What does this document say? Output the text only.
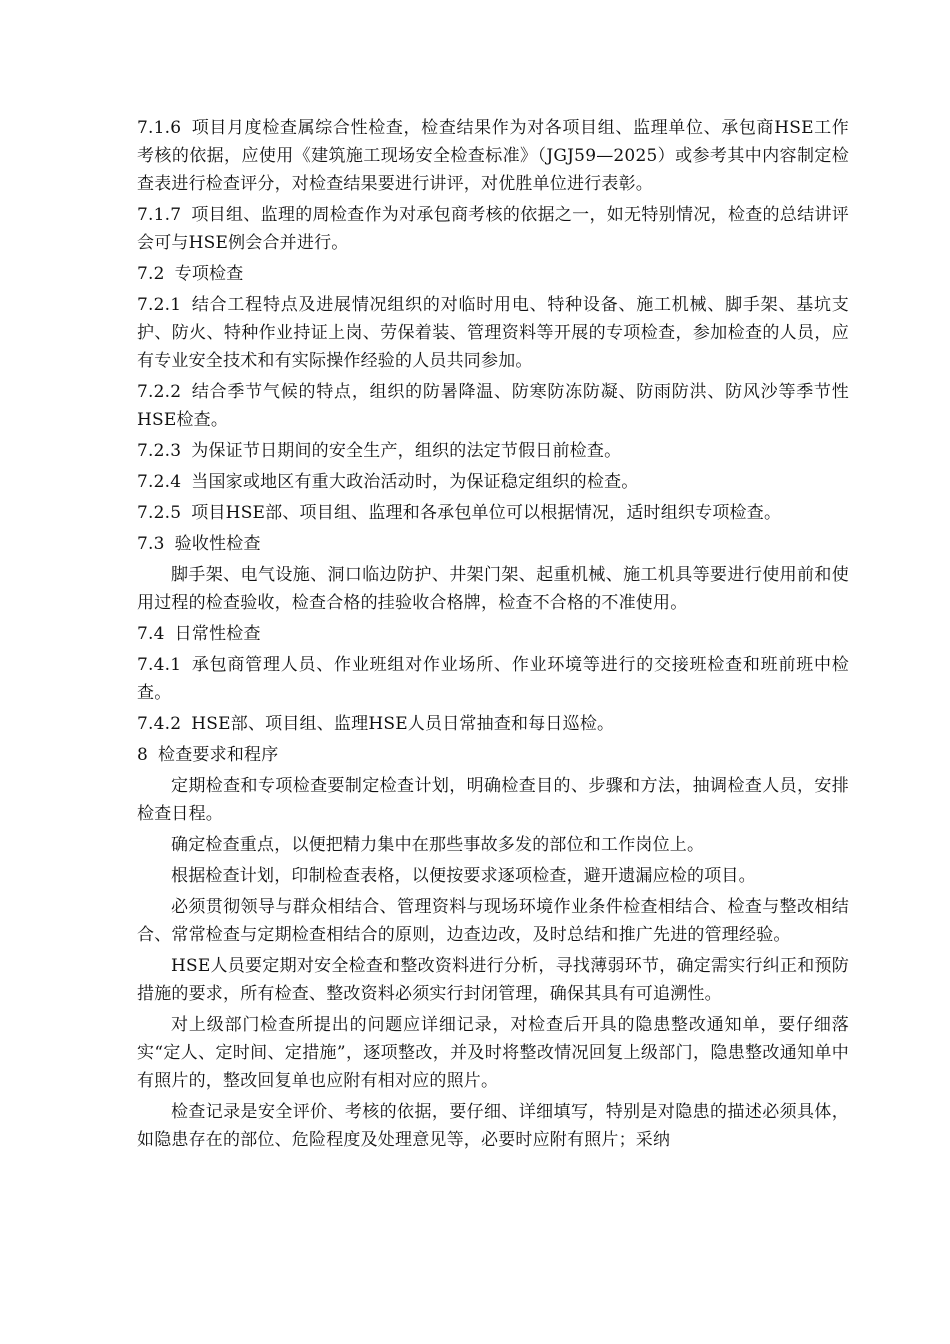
7.1.6 项目月度检查属综合性检查，检查结果作为对各项目组、监理单位、承包商HSE工作考核的依据，应使用《建筑施工现场安全检查标准》（JGJ59—2025）或参考其中内容制定检查表进行检查评分，对检查结果要进行讲评，对优胜单位进行表彰。

7.1.7 项目组、监理的周检查作为对承包商考核的依据之一，如无特别情况，检查的总结讲评会可与HSE例会合并进行。

7.2 专项检查

7.2.1 结合工程特点及进展情况组织的对临时用电、特种设备、施工机械、脚手架、基坑支护、防火、特种作业持证上岗、劳保着装、管理资料等开展的专项检查，参加检查的人员，应有专业安全技术和有实际操作经验的人员共同参加。

7.2.2 结合季节气候的特点，组织的防暑降温、防寒防冻防凝、防雨防洪、防风沙等季节性HSE检查。

7.2.3 为保证节日期间的安全生产，组织的法定节假日前检查。

7.2.4 当国家或地区有重大政治活动时，为保证稳定组织的检查。

7.2.5 项目HSE部、项目组、监理和各承包单位可以根据情况，适时组织专项检查。

7.3 验收性检查

脚手架、电气设施、洞口临边防护、井架门架、起重机械、施工机具等要进行使用前和使用过程的检查验收，检查合格的挂验收合格牌，检查不合格的不准使用。

7.4 日常性检查

7.4.1 承包商管理人员、作业班组对作业场所、作业环境等进行的交接班检查和班前班中检查。

7.4.2 HSE部、项目组、监理HSE人员日常抽查和每日巡检。

8 检查要求和程序

定期检查和专项检查要制定检查计划，明确检查目的、步骤和方法，抽调检查人员，安排检查日程。

确定检查重点，以便把精力集中在那些事故多发的部位和工作岗位上。

根据检查计划，印制检查表格，以便按要求逐项检查，避开遗漏应检的项目。

必须贯彻领导与群众相结合、管理资料与现场环境作业条件检查相结合、检查与整改相结合、常常检查与定期检查相结合的原则，边查边改，及时总结和推广先进的管理经验。

HSE人员要定期对安全检查和整改资料进行分析，寻找薄弱环节，确定需实行纠正和预防措施的要求，所有检查、整改资料必须实行封闭管理，确保其具有可追溯性。

对上级部门检查所提出的问题应详细记录，对检查后开具的隐患整改通知单，要仔细落实“定人、定时间、定措施”，逐项整改，并及时将整改情况回复上级部门，隐患整改通知单中有照片的，整改回复单也应附有相对应的照片。

检查记录是安全评价、考核的依据，要仔细、详细填写，特别是对隐患的描述必须具体，如隐患存在的部位、危险程度及处理意见等，必要时应附有照片；采纳
